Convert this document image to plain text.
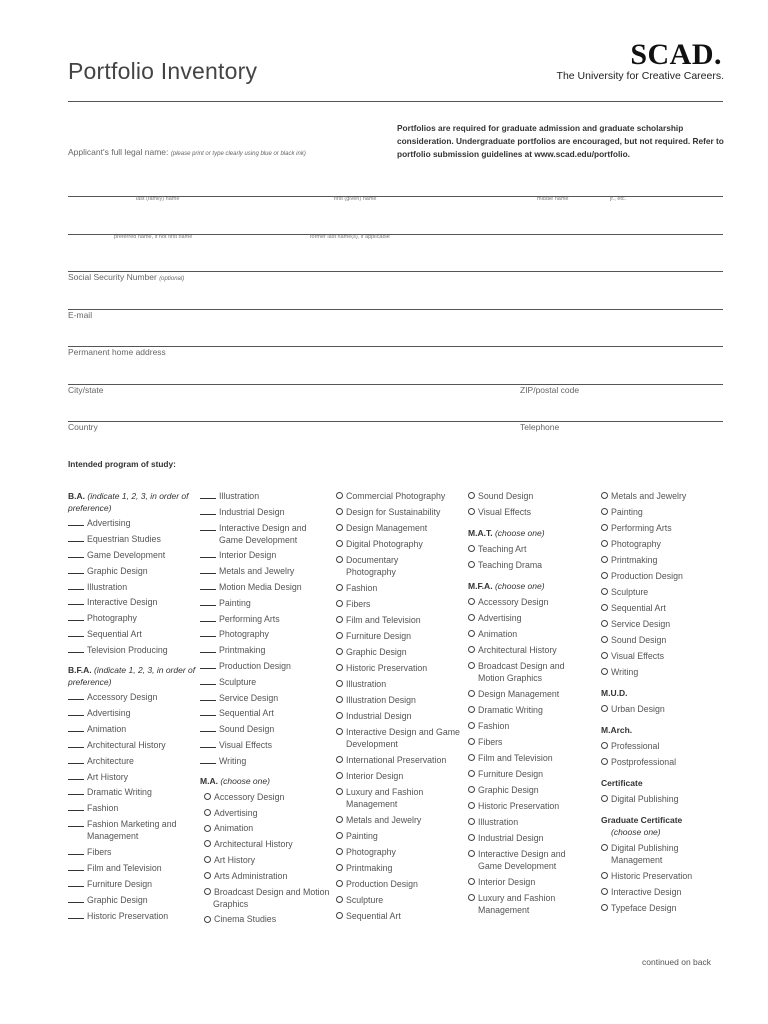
Portfolio Inventory	SCAD.
The University for Creative Careers.
Portfolios are required for graduate admission and graduate scholarship consideration. Undergraduate portfolios are encouraged, but not required. Refer to portfolio submission guidelines at www.scad.edu/portfolio.
Applicant's full legal name: (please print or type clearly using blue or black ink)
last (family) name	first (given) name	middle name	jr., etc.
preferred name, if not first name	former last name(s), if applicable
Social Security Number (optional)
E-mail
Permanent home address
City/state	ZIP/postal code
Country	Telephone
Intended program of study:
B.A. (indicate 1, 2, 3, in order of preference)
Advertising
Equestrian Studies
Game Development
Graphic Design
Illustration
Interactive Design
Photography
Sequential Art
Television Producing
B.F.A. (indicate 1, 2, 3, in order of preference)
Accessory Design
Advertising
Animation
Architectural History
Architecture
Art History
Dramatic Writing
Fashion
Fashion Marketing and Management
Fibers
Film and Television
Furniture Design
Graphic Design
Historic Preservation
Illustration
Industrial Design
Interactive Design and Game Development
Interior Design
Metals and Jewelry
Motion Media Design
Painting
Performing Arts
Photography
Printmaking
Production Design
Sculpture
Service Design
Sequential Art
Sound Design
Visual Effects
Writing
M.A. (choose one)
Accessory Design
Advertising
Animation
Architectural History
Art History
Arts Administration
Broadcast Design and Motion Graphics
Cinema Studies
Commercial Photography
Design for Sustainability
Design Management
Digital Photography
Documentary Photography
Fashion
Fibers
Film and Television
Furniture Design
Graphic Design
Historic Preservation
Illustration
Illustration Design
Industrial Design
Interactive Design and Game Development
International Preservation
Interior Design
Luxury and Fashion Management
Metals and Jewelry
Painting
Photography
Printmaking
Production Design
Sculpture
Sequential Art
Sound Design
Visual Effects
M.A.T. (choose one)
Teaching Art
Teaching Drama
M.F.A. (choose one)
Accessory Design
Advertising
Animation
Architectural History
Broadcast Design and Motion Graphics
Design Management
Dramatic Writing
Fashion
Fibers
Film and Television
Furniture Design
Graphic Design
Historic Preservation
Illustration
Industrial Design
Interactive Design and Game Development
Interior Design
Luxury and Fashion Management
Metals and Jewelry
Painting
Performing Arts
Photography
Printmaking
Production Design
Sculpture
Sequential Art
Service Design
Sound Design
Visual Effects
Writing
M.U.D.
Urban Design
M.Arch.
Professional
Postprofessional
Certificate
Digital Publishing
Graduate Certificate
(choose one)
Digital Publishing Management
Historic Preservation
Interactive Design
Typeface Design
continued on back
